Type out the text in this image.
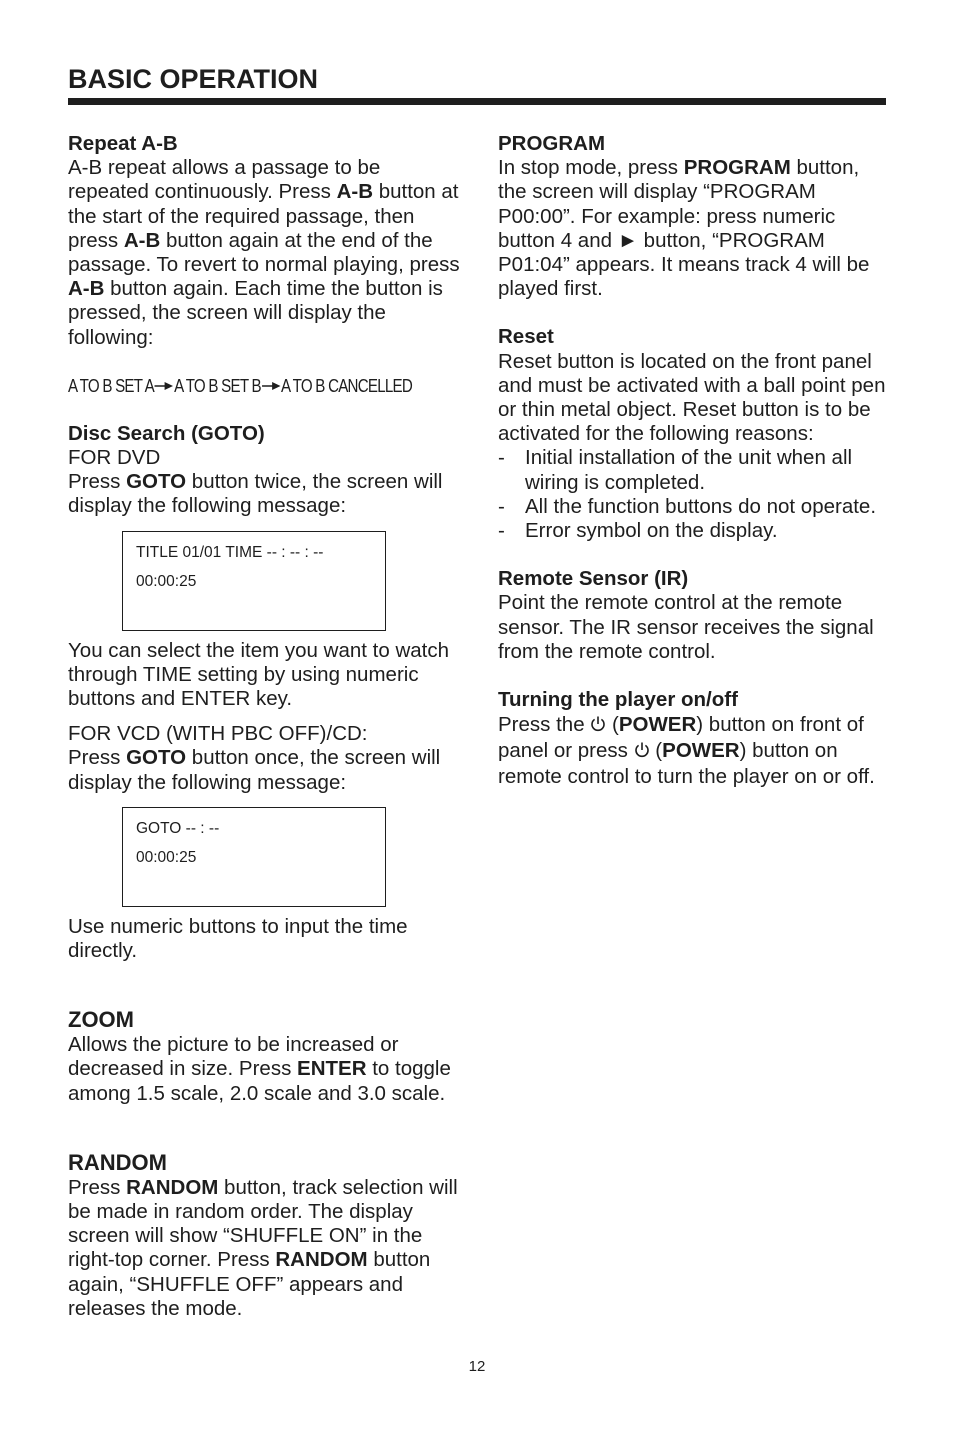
BASIC OPERATION
Repeat A-B

A-B repeat allows a passage to be repeated continuously. Press A-B button at the start of the required passage, then press A-B button again at the end of the passage. To revert to normal playing, press A-B button again. Each time the button is pressed, the screen will display the following:

A TO B SET A A TO B SET B A TO B CANCELLED
Disc Search (GOTO)

FOR DVD

Press GOTO button twice, the screen will display the following message:

TITLE 01/01 TIME -- : -- : --
00:00:25

You can select the item you want to watch through TIME setting by using numeric buttons and ENTER key.

FOR VCD (WITH PBC OFF)/CD:

Press GOTO button once, the screen will display the following message:

GOTO -- : --
00:00:25

Use numeric buttons to input the time directly.

ZOOM

Allows the picture to be increased or decreased in size. Press ENTER to toggle among 1.5 scale, 2.0 scale and 3.0 scale.

RANDOM

Press RANDOM button, track selection will be made in random order. The display screen will show “SHUFFLE ON” in the right-top corner. Press RANDOM button again, “SHUFFLE OFF” appears and releases the mode.

PROGRAM

In stop mode, press PROGRAM button, the screen will display “PROGRAM P00:00”. For example: press numeric button 4 and ► button, “PROGRAM P01:04” appears. It means track 4 will be played first.

Reset

Reset button is located on the front panel and must be activated with a ball point pen or thin metal object. Reset button is to be activated for the following reasons:

- Initial installation of the unit when all wiring is completed.
- All the function buttons do not operate.
- Error symbol on the display.
Remote Sensor (IR)

Point the remote control at the remote sensor. The IR sensor receives the signal from the remote control.

Turning the player on/off

Press the  (POWER) button on front of panel or press  (POWER) button on remote control to turn the player on or off.

12
